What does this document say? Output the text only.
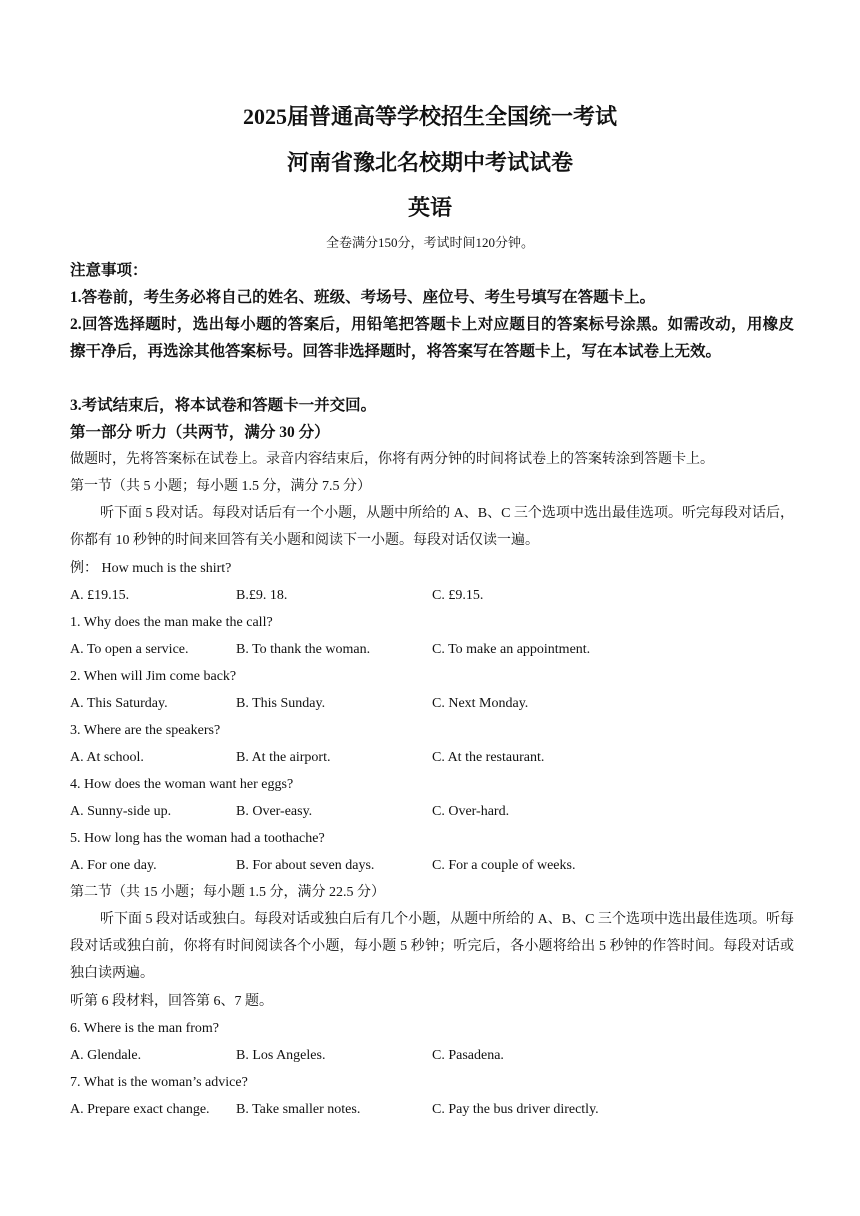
2025届普通高等学校招生全国统一考试
河南省豫北名校期中考试试卷
英语
全卷满分150分，考试时间120分钟。
注意事项：
1.答卷前，考生务必将自己的姓名、班级、考场号、座位号、考生号填写在答题卡上。
2.回答选择题时，选出每小题的答案后，用铅笔把答题卡上对应题目的答案标号涂黑。如需改动，用橡皮擦干净后，再选涂其他答案标号。回答非选择题时，将答案写在答题卡上，写在本试卷上无效。
3.考试结束后，将本试卷和答题卡一并交回。
第一部分 听力（共两节，满分 30 分）
做题时，先将答案标在试卷上。录音内容结束后，你将有两分钟的时间将试卷上的答案转涂到答题卡上。
第一节（共 5 小题；每小题 1.5 分，满分 7.5 分）
听下面 5 段对话。每段对话后有一个小题，从题中所给的 A、B、C 三个选项中选出最佳选项。听完每段对话后，你都有 10 秒钟的时间来回答有关小题和阅读下一小题。每段对话仅读一遍。
例： How much is the shirt?
A. £19.15.	B.£9. 18.	C. £9.15.
1. Why does the man make the call?
A. To open a service.	B. To thank the woman.	C. To make an appointment.
2. When will Jim come back?
A. This Saturday.	B. This Sunday.	C. Next Monday.
3. Where are the speakers?
A. At school.	B. At the airport.	C. At the restaurant.
4. How does the woman want her eggs?
A. Sunny-side up.	B. Over-easy.	C. Over-hard.
5. How long has the woman had a toothache?
A. For one day.	B. For about seven days.	C. For a couple of weeks.
第二节（共 15 小题；每小题 1.5 分，满分 22.5 分）
听下面 5 段对话或独白。每段对话或独白后有几个小题，从题中所给的 A、B、C 三个选项中选出最佳选项。听每段对话或独白前，你将有时间阅读各个小题，每小题 5 秒钟；听完后，各小题将给出 5 秒钟的作答时间。每段对话或独白读两遍。
听第 6 段材料，回答第 6、7 题。
6. Where is the man from?
A. Glendale.	B. Los Angeles.	C. Pasadena.
7. What is the woman’s advice?
A. Prepare exact change. B. Take smaller notes.	C. Pay the bus driver directly.
